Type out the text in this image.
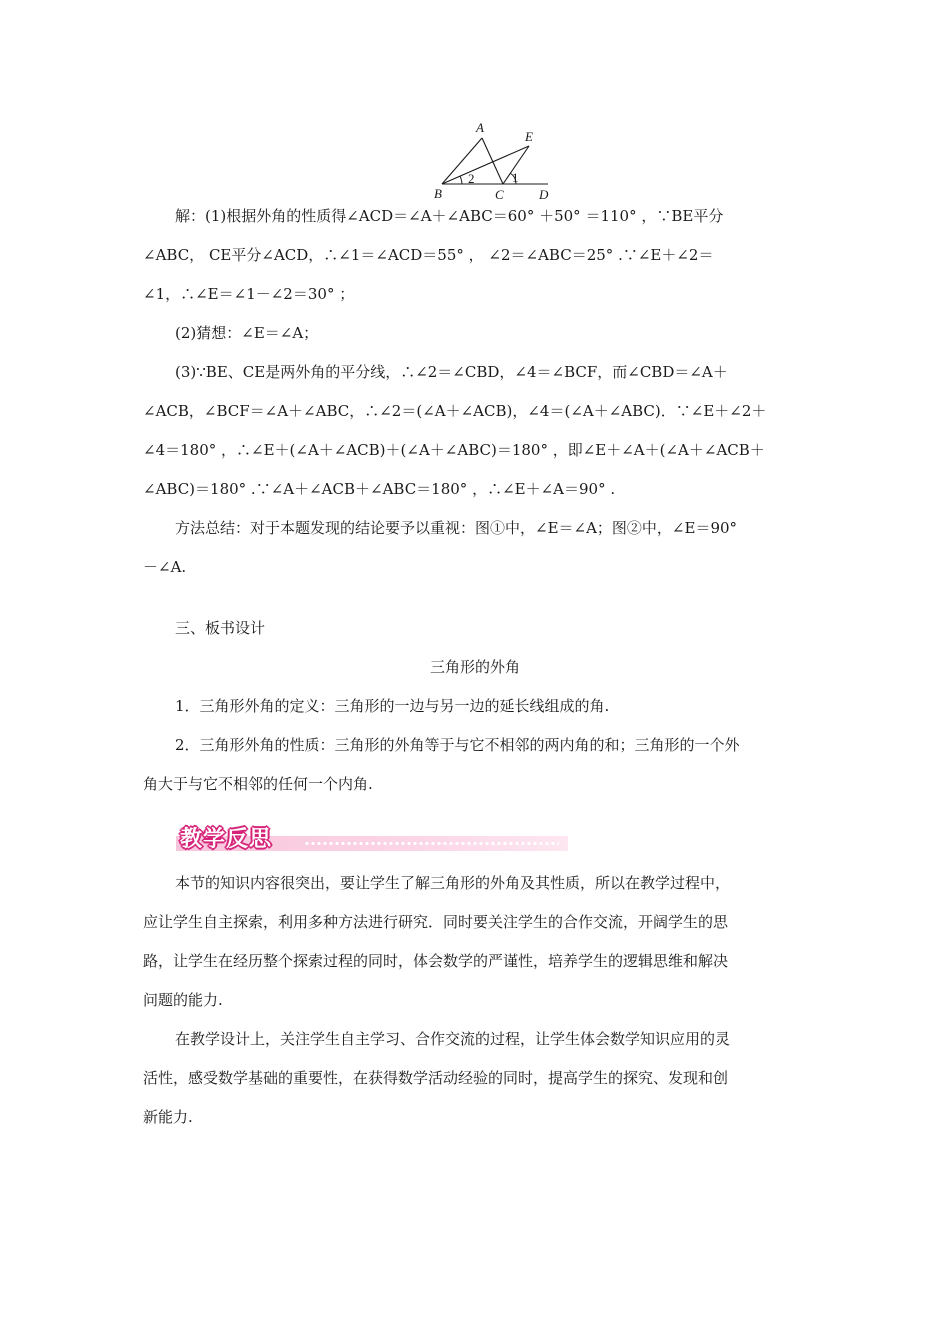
A
E
B	C	D
1
2

解：(1)根据外角的性质得∠ACD＝∠A＋∠ABC＝60° ＋50° ＝110° ，∵BE平分

∠ABC， CE平分∠ACD，∴∠1＝∠ACD＝55° ， ∠2＝∠ABC＝25° .∵∠E＋∠2＝

∠1，∴∠E＝∠1－∠2＝30° ；

(2)猜想：∠E＝∠A；

(3)∵BE、CE是两外角的平分线，∴∠2＝∠CBD，∠4＝∠BCF，而∠CBD＝∠A＋

∠ACB，∠BCF＝∠A＋∠ABC，∴∠2＝(∠A＋∠ACB)，∠4＝(∠A＋∠ABC)．∵∠E＋∠2＋

∠4＝180° ，∴∠E＋(∠A＋∠ACB)＋(∠A＋∠ABC)＝180° ，即∠E＋∠A＋(∠A＋∠ACB＋

∠ABC)＝180° .∵∠A＋∠ACB＋∠ABC＝180° ，∴∠E＋∠A＝90° .

方法总结：对于本题发现的结论要予以重视：图①中，∠E＝∠A；图②中，∠E＝90°

－∠A.

三、板书设计

三角形的外角

1．三角形外角的定义：三角形的一边与另一边的延长线组成的角.

2．三角形外角的性质：三角形的外角等于与它不相邻的两内角的和；三角形的一个外

角大于与它不相邻的任何一个内角.

教学反思

本节的知识内容很突出，要让学生了解三角形的外角及其性质，所以在教学过程中，

应让学生自主探索，利用多种方法进行研究．同时要关注学生的合作交流，开阔学生的思

路，让学生在经历整个探索过程的同时，体会数学的严谨性，培养学生的逻辑思维和解决

问题的能力.

在教学设计上，关注学生自主学习、合作交流的过程，让学生体会数学知识应用的灵

活性，感受数学基础的重要性，在获得数学活动经验的同时，提高学生的探究、发现和创

新能力.
